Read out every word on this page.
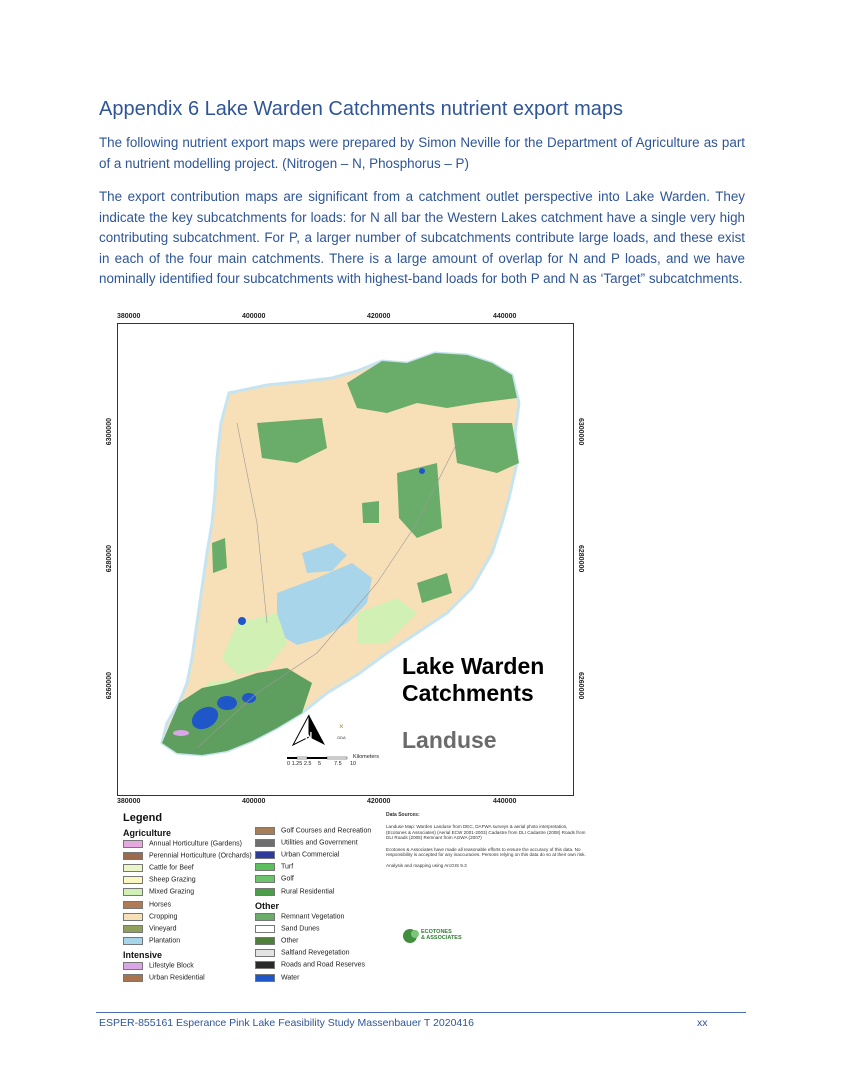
Appendix 6 Lake Warden Catchments nutrient export maps
The following nutrient export maps were prepared by Simon Neville for the Department of Agriculture as part of a nutrient modelling project. (Nitrogen – N, Phosphorus – P)
The export contribution maps are significant from a catchment outlet perspective into Lake Warden. They indicate the key subcatchments for loads: for N all bar the Western Lakes catchment have a single very high contributing subcatchment. For P, a larger number of subcatchments contribute large loads, and these exist in each of the four main catchments. There is a large amount of overlap for N and P loads, and we have nominally identified four subcatchments with highest-band loads for both P and N as ‘Target” subcatchments.
380000	400000	420000	440000
380000	400000	420000	440000
6300000
6280000
6260000
6300000
6280000
6260000
N
×
GDA
0 1.25 2.5 5 7.5 10
Kilometers
Lake Warden
Catchments
Landuse
Legend
Agriculture
Annual Horticulture (Gardens)
Perennial Horticulture (Orchards)
Cattle for Beef
Sheep Grazing
Mixed Grazing
Horses
Cropping
Vineyard
Plantation
Intensive
Lifestyle Block
Urban Residential
Golf Courses and Recreation
Utilities and Government
Urban Commercial
Turf
Golf
Rural Residential
Other
Remnant Vegetation
Sand Dunes
Other
Saltland Revegetation
Roads and Road Reserves
Water
Data Sources:
Landuse Map: Warden Landuse from DEC, DAFWA surveys & aerial photo interpretation, (Ecotones & Associates) (Aerial ECW 2001-2003) Cadastre from DLI Cadastre (2008) Roads from DLI Roads (2005) Remnant from AGWA (2007)
Ecotones & Associates have made all reasonable efforts to ensure the accuracy of this data. No responsibility is accepted for any inaccuracies. Persons relying on this data do so at their own risk.
Analysis and mapping using ArcGIS 9.3
ECOTONES
& ASSOCIATES
ESPER-855161 Esperance Pink Lake Feasibility Study Massenbauer T 2020416	xx
